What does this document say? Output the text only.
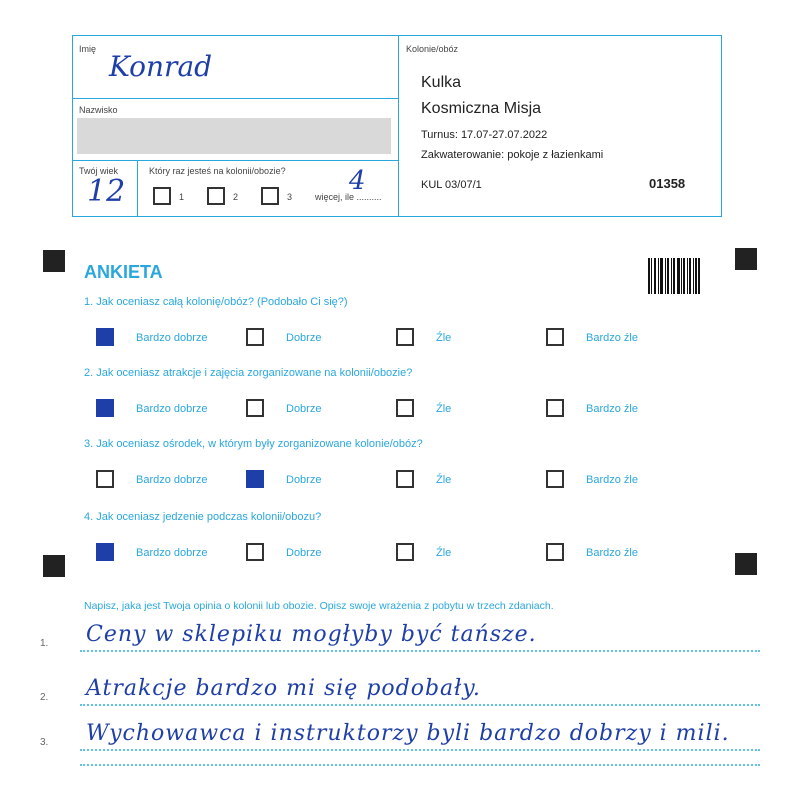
Imię
Konrad
Nazwisko
Twój wiek
12
Który raz jesteś na kolonii/obozie?
1	2	3	więcej, ile ..........
4
Kolonie/obóz
Kulka
Kosmiczna Misja
Turnus: 17.07-27.07.2022
Zakwaterowanie: pokoje z łazienkami
KUL 03/07/1	01358
ANKIETA
1. Jak oceniasz całą kolonię/obóz? (Podobało Ci się?)
Bardzo dobrze	Dobrze	Źle	Bardzo źle
2. Jak oceniasz atrakcje i zajęcia zorganizowane na kolonii/obozie?
Bardzo dobrze	Dobrze	Źle	Bardzo źle
3. Jak oceniasz ośrodek, w którym były zorganizowane kolonie/obóz?
Bardzo dobrze	Dobrze	Źle	Bardzo źle
4. Jak oceniasz jedzenie podczas kolonii/obozu?
Bardzo dobrze	Dobrze	Źle	Bardzo źle
Napisz, jaka jest Twoja opinia o kolonii lub obozie. Opisz swoje wrażenia z pobytu w trzech zdaniach.
1. Ceny w sklepiku mogłyby być tańsze.
2. Atrakcje bardzo mi się podobały.
3. Wychowawca i instruktorzy byli bardzo dobrzy i mili.
